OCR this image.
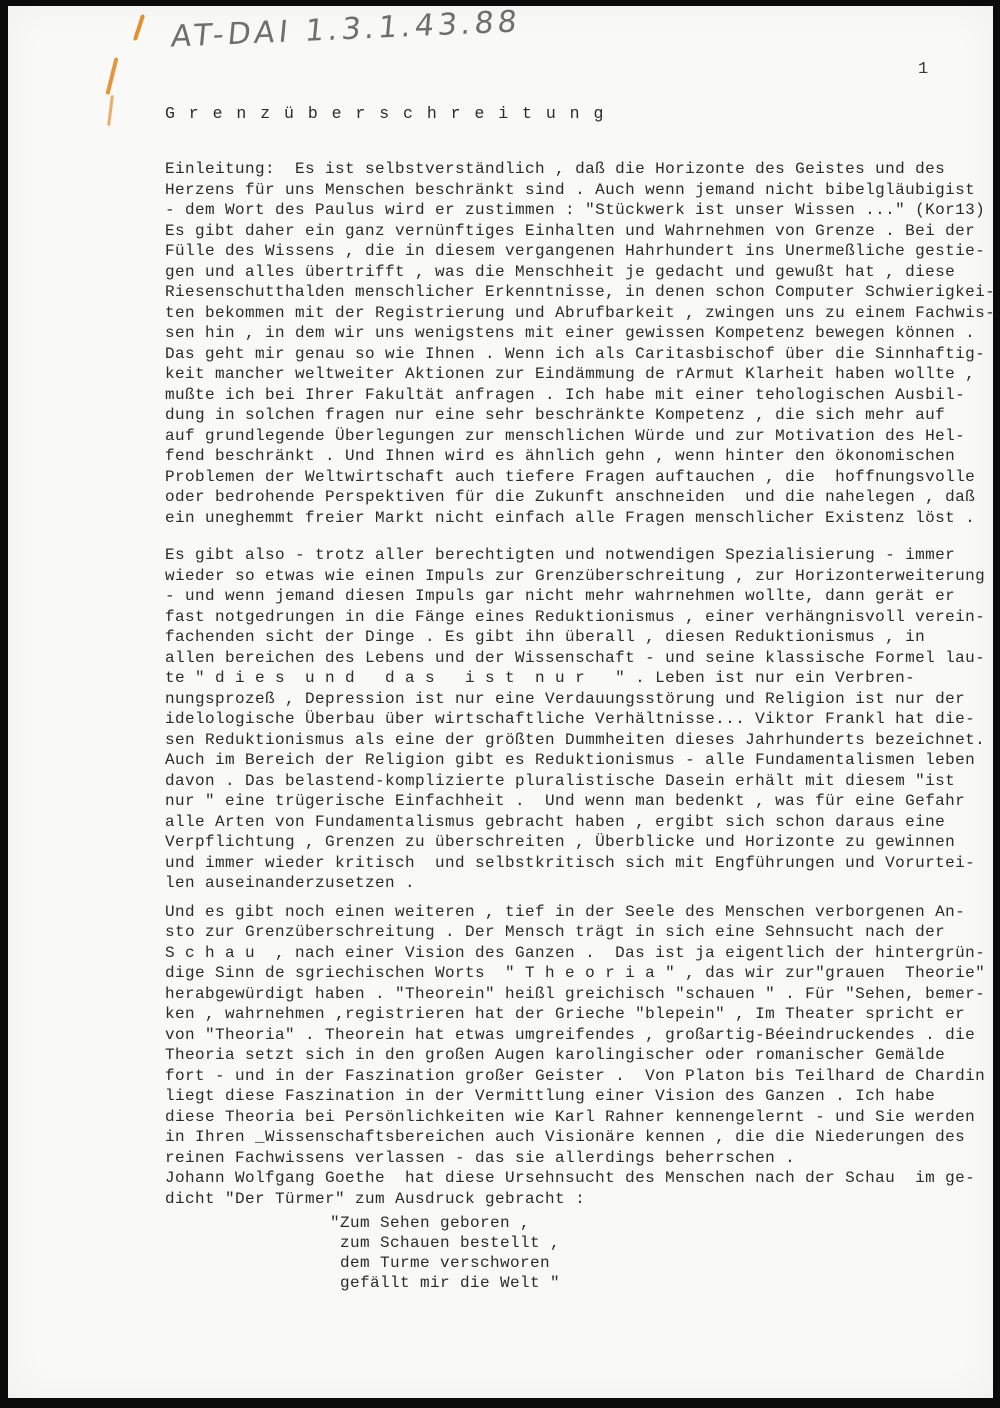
AT-DAI 1.3.1.43.88
1
G r e n z ü b e r s c h r e i t u n g
Einleitung:  Es ist selbstverständlich , daß die Horizonte des Geistes und des
Herzens für uns Menschen beschränkt sind . Auch wenn jemand nicht bibelgläubigist
- dem Wort des Paulus wird er zustimmen : "Stückwerk ist unser Wissen ..." (Kor13)
Es gibt daher ein ganz vernünftiges Einhalten und Wahrnehmen von Grenze . Bei der
Fülle des Wissens , die in diesem vergangenen Hahrhundert ins Unermeßliche gestie-
gen und alles übertrifft , was die Menschheit je gedacht und gewußt hat , diese
Riesenschutthalden menschlicher Erkenntnisse, in denen schon Computer Schwierigkei-
ten bekommen mit der Registrierung und Abrufbarkeit , zwingen uns zu einem Fachwis-
sen hin , in dem wir uns wenigstens mit einer gewissen Kompetenz bewegen können .
Das geht mir genau so wie Ihnen . Wenn ich als Caritasbischof über die Sinnhaftig-
keit mancher weltweiter Aktionen zur Eindämmung de rArmut Klarheit haben wollte ,
mußte ich bei Ihrer Fakultät anfragen . Ich habe mit einer tehologischen Ausbil-
dung in solchen fragen nur eine sehr beschränkte Kompetenz , die sich mehr auf
auf grundlegende Überlegungen zur menschlichen Würde und zur Motivation des Hel-
fend beschränkt . Und Ihnen wird es ähnlich gehn , wenn hinter den ökonomischen
Problemen der Weltwirtschaft auch tiefere Fragen auftauchen , die  hoffnungsvolle
oder bedrohende Perspektiven für die Zukunft anschneiden  und die nahelegen , daß
ein uneghemmt freier Markt nicht einfach alle Fragen menschlicher Existenz löst .
Es gibt also - trotz aller berechtigten und notwendigen Spezialisierung - immer
wieder so etwas wie einen Impuls zur Grenzüberschreitung , zur Horizonterweiterung
- und wenn jemand diesen Impuls gar nicht mehr wahrnehmen wollte, dann gerät er
fast notgedrungen in die Fänge eines Reduktionismus , einer verhängnisvoll verein-
fachenden sicht der Dinge . Es gibt ihn überall , diesen Reduktionismus , in
allen bereichen des Lebens und der Wissenschaft - und seine klassische Formel lau-
te " d i e s  u n d   d a s   i s t  n u r   " . Leben ist nur ein Verbren-
nungsprozeß , Depression ist nur eine Verdauungsstörung und Religion ist nur der
idelologische Überbau über wirtschaftliche Verhältnisse... Viktor Frankl hat die-
sen Reduktionismus als eine der größten Dummheiten dieses Jahrhunderts bezeichnet.
Auch im Bereich der Religion gibt es Reduktionismus - alle Fundamentalismen leben
davon . Das belastend-komplizierte pluralistische Dasein erhält mit diesem "ist
nur " eine trügerische Einfachheit .  Und wenn man bedenkt , was für eine Gefahr
alle Arten von Fundamentalismus gebracht haben , ergibt sich schon daraus eine
Verpflichtung , Grenzen zu überschreiten , Überblicke und Horizonte zu gewinnen
und immer wieder kritisch  und selbstkritisch sich mit Engführungen und Vorurtei-
len auseinanderzusetzen .
Und es gibt noch einen weiteren , tief in der Seele des Menschen verborgenen An-
sto zur Grenzüberschreitung . Der Mensch trägt in sich eine Sehnsucht nach der
S c h a u  , nach einer Vision des Ganzen .  Das ist ja eigentlich der hintergrün-
dige Sinn de sgriechischen Worts  " T h e o r i a " , das wir zur"grauen  Theorie"
herabgewürdigt haben . "Theorein" heißl greichisch "schauen " . Für "Sehen, bemer-
ken , wahrnehmen ,registrieren hat der Grieche "blepein" , Im Theater spricht er
von "Theoria" . Theorein hat etwas umgreifendes , großartig-Béeindruckendes . die
Theoria setzt sich in den großen Augen karolingischer oder romanischer Gemälde
fort - und in der Faszination großer Geister .  Von Platon bis Teilhard de Chardin
liegt diese Faszination in der Vermittlung einer Vision des Ganzen . Ich habe
diese Theoria bei Persönlichkeiten wie Karl Rahner kennengelernt - und Sie werden
in Ihren _Wissenschaftsbereichen auch Visionäre kennen , die die Niederungen des
reinen Fachwissens verlassen - das sie allerdings beherrschen .
Johann Wolfgang Goethe  hat diese Ursehnsucht des Menschen nach der Schau  im ge-
dicht "Der Türmer" zum Ausdruck gebracht :
"Zum Sehen geboren ,
zum Schauen bestellt ,
dem Turme verschworen
gefällt mir die Welt "
